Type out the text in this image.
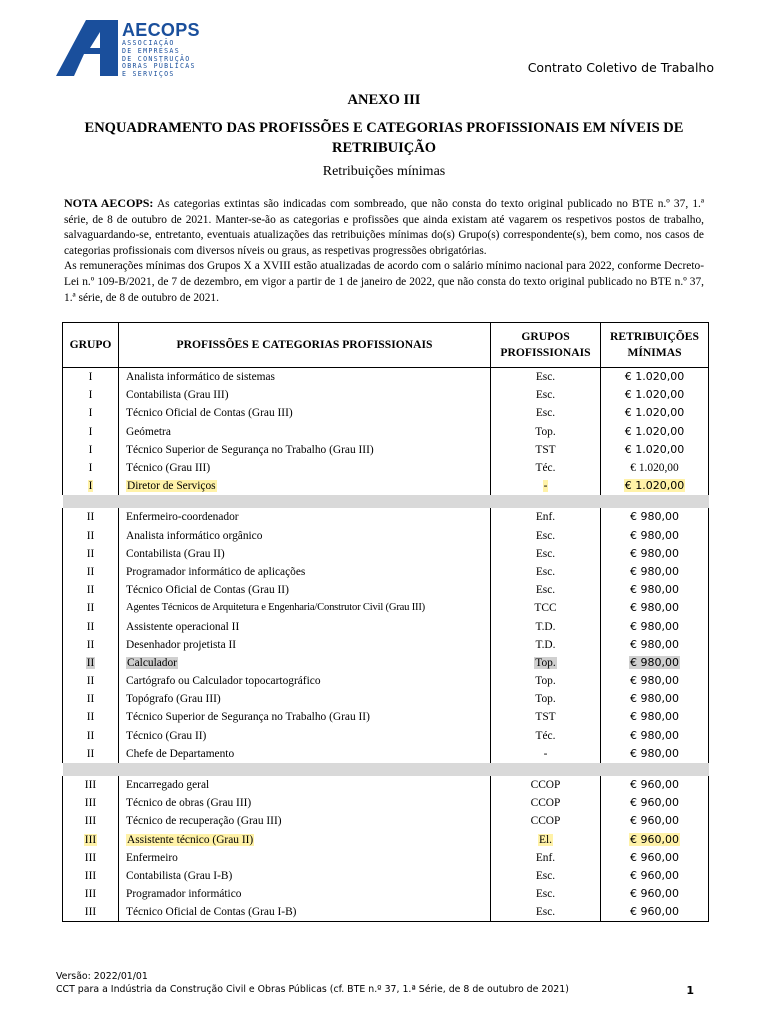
AECOPS
ASSOCIAÇÃO
DE EMPRESAS
DE CONSTRUÇÃO
OBRAS PÚBLICAS
E SERVIÇOS	Contrato Coletivo de Trabalho
ANEXO III
ENQUADRAMENTO DAS PROFISSÕES E CATEGORIAS PROFISSIONAIS EM NÍVEIS DE RETRIBUIÇÃO
Retribuições mínimas

NOTA AECOPS: As categorias extintas são indicadas com sombreado, que não consta do texto original publicado no BTE n.º 37, 1.ª série, de 8 de outubro de 2021. Manter-se-ão as categorias e profissões que ainda existam até vagarem os respetivos postos de trabalho, salvaguardando-se, entretanto, eventuais atualizações das retribuições mínimas do(s) Grupo(s) correspondente(s), bem como, nos casos de categorias profissionais com diversos níveis ou graus, as respetivas progressões obrigatórias.

As remunerações mínimas dos Grupos X a XVIII estão atualizadas de acordo com o salário mínimo nacional para 2022, conforme Decreto-Lei n.º 109-B/2021, de 7 de dezembro, em vigor a partir de 1 de janeiro de 2022, que não consta do texto original publicado no BTE n.º 37, 1.ª série, de 8 de outubro de 2021.

GRUPO	PROFISSÕES E CATEGORIAS PROFISSIONAIS	GRUPOS PROFISSIONAIS	RETRIBUIÇÕES MÍNIMAS
I	Analista informático de sistemas	Esc.	€ 1.020,00
I	Contabilista (Grau III)	Esc.	€ 1.020,00
I	Técnico Oficial de Contas (Grau III)	Esc.	€ 1.020,00
I	Geómetra	Top.	€ 1.020,00
I	Técnico Superior de Segurança no Trabalho (Grau III)	TST	€ 1.020,00
I	Técnico (Grau III)	Téc.	€ 1.020,00
I	Diretor de Serviços	-	€ 1.020,00

II	Enfermeiro-coordenador	Enf.	€ 980,00
II	Analista informático orgânico	Esc.	€ 980,00
II	Contabilista (Grau II)	Esc.	€ 980,00
II	Programador informático de aplicações	Esc.	€ 980,00
II	Técnico Oficial de Contas (Grau II)	Esc.	€ 980,00
II	Agentes Técnicos de Arquitetura e Engenharia/Construtor Civil (Grau III)	TCC	€ 980,00
II	Assistente operacional II	T.D.	€ 980,00
II	Desenhador projetista II	T.D.	€ 980,00
II	Calculador	Top.	€ 980,00
II	Cartógrafo ou Calculador topocartográfico	Top.	€ 980,00
II	Topógrafo (Grau III)	Top.	€ 980,00
II	Técnico Superior de Segurança no Trabalho (Grau II)	TST	€ 980,00
II	Técnico (Grau II)	Téc.	€ 980,00
II	Chefe de Departamento	-	€ 980,00

III	Encarregado geral	CCOP	€ 960,00
III	Técnico de obras (Grau III)	CCOP	€ 960,00
III	Técnico de recuperação (Grau III)	CCOP	€ 960,00
III	Assistente técnico (Grau II)	El.	€ 960,00
III	Enfermeiro	Enf.	€ 960,00
III	Contabilista (Grau I-B)	Esc.	€ 960,00
III	Programador informático	Esc.	€ 960,00
III	Técnico Oficial de Contas (Grau I-B)	Esc.	€ 960,00
Versão: 2022/01/01
CCT para a Indústria da Construção Civil e Obras Públicas (cf. BTE n.º 37, 1.ª Série, de 8 de outubro de 2021)	1
